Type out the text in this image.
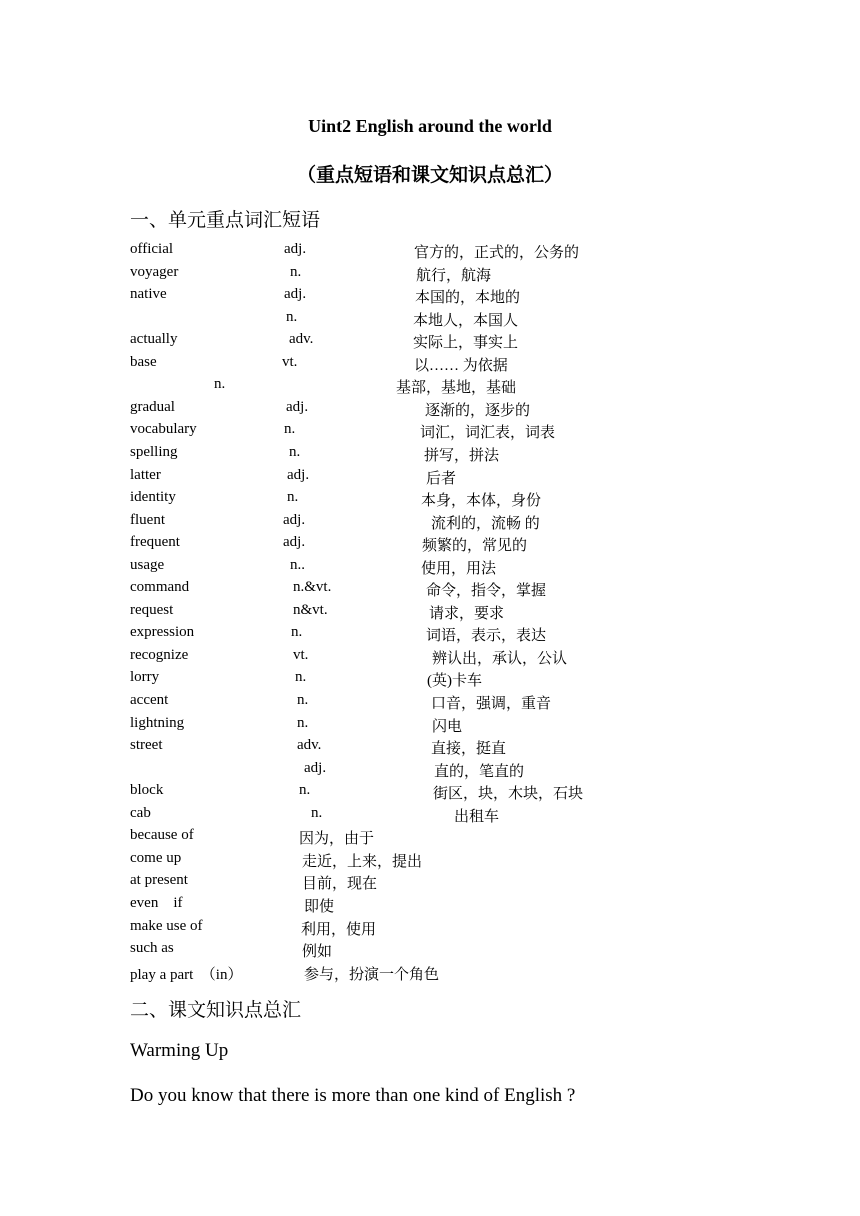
Uint2 English around the world
（重点短语和课文知识点总汇）
一、单元重点词汇短语
official	adj.	官方的，正式的，公务的
voyager	n.	航行，航海
native	adj.	本国的，本地的
n.	本地人，本国人
actually	adv.	实际上，事实上
base	vt.	以…… 为依据
n.	基部，基地，基础
gradual	adj.	逐渐的，逐步的
vocabulary	n.	词汇，词汇表，词表
spelling	n.	拼写，拼法
latter	adj.	后者
identity	n.	本身，本体，身份
fluent	adj.	流利的，流畅 的
frequent	adj.	频繁的，常见的
usage	n..	使用，用法
command	n.&vt.	命令，指令，掌握
request	n&vt.	请求，要求
expression	n.	词语，表示，表达
recognize	vt.	辨认出，承认，公认
lorry	n.	(英)卡车
accent	n.	口音，强调，重音
lightning	n.	闪电
street	adv.	直接，挺直
adj.	直的，笔直的
block	n.	街区，块，木块，石块
cab	n.	出租车
because of	因为，由于
come up	走近，上来，提出
at present	目前，现在
even    if	即使
make use of	利用，使用
such as	例如
play a part  （in）	参与，扮演一个角色
二、课文知识点总汇
Warming Up
Do you know that there is more than one kind of English ?
